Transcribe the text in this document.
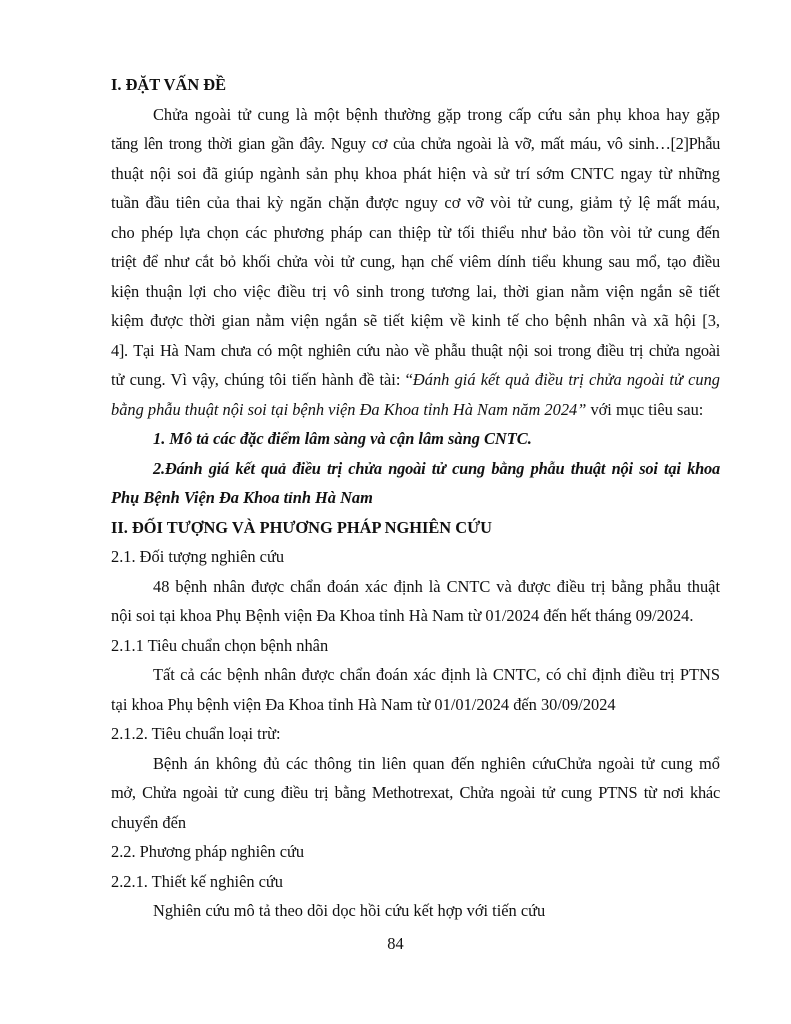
I. ĐẶT VẤN ĐỀ
Chửa ngoài tử cung là một bệnh thường gặp trong cấp cứu sản phụ khoa hay gặp
tăng lên trong thời gian gần đây. Nguy cơ của chửa ngoài là vỡ, mất máu, vô sinh…[2]Phẫu
thuật nội soi đã giúp ngành sản phụ khoa phát hiện và sử trí sớm CNTC ngay từ những
tuần đầu tiên của thai kỳ ngăn chặn được nguy cơ vỡ vòi tử cung, giảm tỷ lệ mất máu,
cho phép lựa chọn các phương pháp can thiệp từ tối thiểu như bảo tồn vòi tử cung đến
triệt để như cắt bỏ khối chửa vòi tử cung, hạn chế viêm dính tiểu khung sau mổ, tạo điều
kiện thuận lợi cho việc điều trị vô sinh trong tương lai, thời gian nằm viện ngắn sẽ tiết
kiệm được thời gian nằm viện ngắn sẽ tiết kiệm về kinh tế cho bệnh nhân và xã hội [3,
4]. Tại Hà Nam chưa có một nghiên cứu nào về phẫu thuật nội soi trong điều trị chửa ngoài
tử cung. Vì vậy, chúng tôi tiến hành đề tài: “Đánh giá kết quả điều trị chửa ngoài tử cung
bằng phẫu thuật nội soi tại bệnh viện Đa Khoa tỉnh Hà Nam năm 2024” với mục tiêu sau:
1. Mô tả các đặc điểm lâm sàng và cận lâm sàng CNTC.
2.Đánh giá kết quả điều trị chửa ngoài tử cung bằng phẫu thuật nội soi tại khoa
Phụ Bệnh Viện Đa Khoa tỉnh Hà Nam
II. ĐỐI TƯỢNG VÀ PHƯƠNG PHÁP NGHIÊN CỨU
2.1. Đối tượng nghiên cứu
48 bệnh nhân được chẩn đoán xác định là CNTC và được điều trị bằng phẫu thuật
nội soi tại khoa Phụ Bệnh viện Đa Khoa tỉnh Hà Nam từ 01/2024 đến hết tháng 09/2024.
2.1.1 Tiêu chuẩn chọn bệnh nhân
Tất cả các bệnh nhân được chẩn đoán xác định là CNTC, có chỉ định điều trị PTNS
tại khoa Phụ bệnh viện Đa Khoa tỉnh Hà Nam từ 01/01/2024 đến 30/09/2024
2.1.2. Tiêu chuẩn loại trừ:
Bệnh án không đủ các thông tin liên quan đến nghiên cứuChửa ngoài tử cung mổ
mở, Chửa ngoài tử cung điều trị bằng Methotrexat, Chửa ngoài tử cung PTNS từ nơi khác
chuyển đến
2.2. Phương pháp nghiên cứu
2.2.1. Thiết kế nghiên cứu
Nghiên cứu mô tả theo dõi dọc hồi cứu kết hợp với tiến cứu
84
